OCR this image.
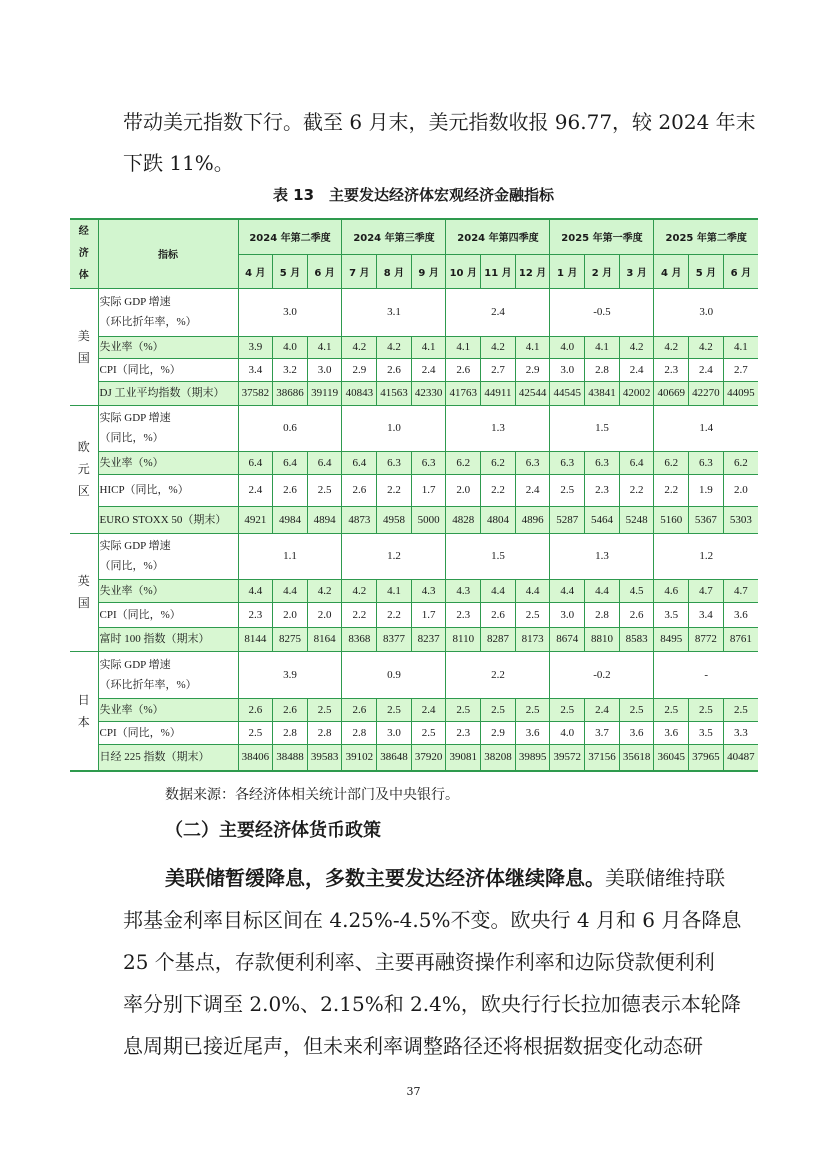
带动美元指数下行。截至 6 月末，美元指数收报 96.77，较 2024 年末
下跌 11%。
表 13　主要发达经济体宏观经济金融指标
经济体	指标	2024 年第二季度			2024 年第三季度			2024 年第四季度			2025 年第一季度			2025 年第二季度		
		4 月	5 月	6 月	7 月	8 月	9 月	10 月	11 月	12 月	1 月	2 月	3 月	4 月	5 月	6 月
美国	实际 GDP 增速
（环比折年率，%）	3.0			3.1			2.4			-0.5			3.0		

	失业率（%）	3.9	4.0	4.1	4.2	4.2	4.1	4.1	4.2	4.1	4.0	4.1	4.2	4.2	4.2	4.1

	CPI（同比，%）	3.4	3.2	3.0	2.9	2.6	2.4	2.6	2.7	2.9	3.0	2.8	2.4	2.3	2.4	2.7

	DJ 工业平均指数（期末）	37582	38686	39119	40843	41563	42330	41763	44911	42544	44545	43841	42002	40669	42270	44095
欧元区	实际 GDP 增速
（同比，%）	0.6			1.0			1.3			1.5			1.4		

	失业率（%）	6.4	6.4	6.4	6.4	6.3	6.3	6.2	6.2	6.3	6.3	6.3	6.4	6.2	6.3	6.2

	HICP（同比，%）	2.4	2.6	2.5	2.6	2.2	1.7	2.0	2.2	2.4	2.5	2.3	2.2	2.2	1.9	2.0

	EURO STOXX 50（期末）	4921	4984	4894	4873	4958	5000	4828	4804	4896	5287	5464	5248	5160	5367	5303
英国	实际 GDP 增速
（同比，%）	1.1			1.2			1.5			1.3			1.2		

	失业率（%）	4.4	4.4	4.2	4.2	4.1	4.3	4.3	4.4	4.4	4.4	4.4	4.5	4.6	4.7	4.7

	CPI（同比，%）	2.3	2.0	2.0	2.2	2.2	1.7	2.3	2.6	2.5	3.0	2.8	2.6	3.5	3.4	3.6

	富时 100 指数（期末）	8144	8275	8164	8368	8377	8237	8110	8287	8173	8674	8810	8583	8495	8772	8761
日本	实际 GDP 增速
（环比折年率，%）	3.9			0.9			2.2			-0.2			-		

	失业率（%）	2.6	2.6	2.5	2.6	2.5	2.4	2.5	2.5	2.5	2.5	2.4	2.5	2.5	2.5	2.5

	CPI（同比，%）	2.5	2.8	2.8	2.8	3.0	2.5	2.3	2.9	3.6	4.0	3.7	3.6	3.6	3.5	3.3

	日经 225 指数（期末）	38406	38488	39583	39102	38648	37920	39081	38208	39895	39572	37156	35618	36045	37965	40487
数据来源：各经济体相关统计部门及中央银行。
（二）主要经济体货币政策
美联储暂缓降息，多数主要发达经济体继续降息。美联储维持联
邦基金利率目标区间在 4.25%-4.5%不变。欧央行 4 月和 6 月各降息
25 个基点，存款便利利率、主要再融资操作利率和边际贷款便利利
率分别下调至 2.0%、2.15%和 2.4%，欧央行行长拉加德表示本轮降
息周期已接近尾声，但未来利率调整路径还将根据数据变化动态研
37
